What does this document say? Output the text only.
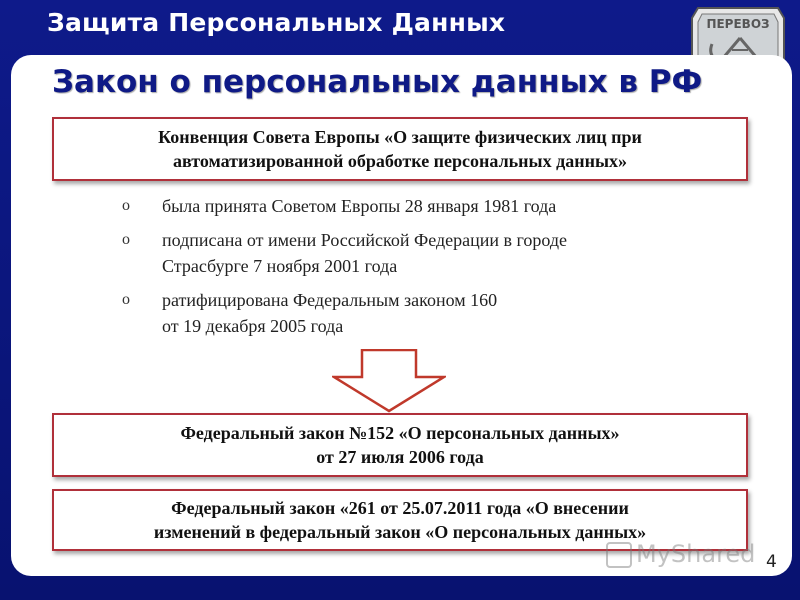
Защита Персональных Данных	ПЕРЕВОЗ
Закон о персональных данных в РФ
Конвенция Совета Европы «О защите физических лиц при
автоматизированной обработке персональных данных»
o была принята Советом Европы 28 января 1981 года
o подписана от имени Российской Федерации в городе
Страсбурге 7 ноября 2001 года
o ратифицирована Федеральным законом 160
от 19 декабря 2005 года
Федеральный закон №152 «О персональных данных»
от 27 июля 2006 года
Федеральный закон «261 от 25.07.2011 года «О внесении
изменений в федеральный закон «О персональных данных»
MyShared 4
